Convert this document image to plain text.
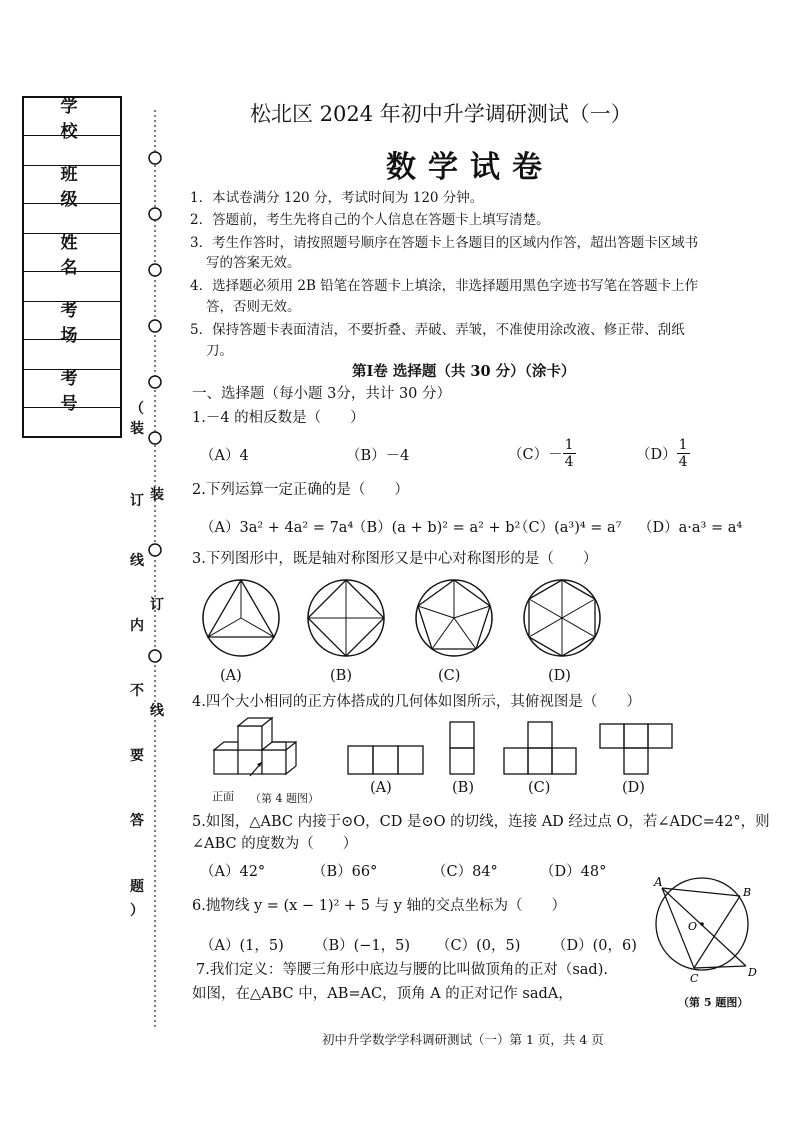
学 校
班 级
姓 名
考 场
考 号	（
装
订
线
内
不
要
答
题
）
装
订
线
松北区 2024 年初中升学调研测试（一）
数学试卷
1．本试卷满分 120 分，考试时间为 120 分钟。
2．答题前，考生先将自己的个人信息在答题卡上填写清楚。
3．考生作答时，请按照题号顺序在答题卡上各题目的区域内作答，超出答题卡区域书
写的答案无效。
4．选择题必须用 2B 铅笔在答题卡上填涂，非选择题用黑色字迹书写笔在答题卡上作
答，否则无效。
5．保持答题卡表面清洁，不要折叠、弄破、弄皱，不准使用涂改液、修正带、刮纸
刀。
第Ⅰ卷 选择题（共 30 分）（涂卡）
一、选择题（每小题 3分，共计 30 分）
1.－4 的相反数是（　　）
（A）4	（B）－4	$(C)- \frac{1}{4}$	$(D) \frac{1}{4}$
2.下列运算一定正确的是（　　）
（A）3a² + 4a² = 7a⁴
（B）(a + b)² = a² + b²
（C）(a³)⁴ = a⁷ （D）a·a³ = a⁴
3.下列图形中，既是轴对称图形又是中心对称图形的是（　　）
(A)	(B)	(C)	(D)
4.四个大小相同的正方体搭成的几何体如图所示，其俯视图是（　　）
正面 （第 4 题图）
(A)	(B)	(C)	(D)
5.如图，△ABC 内接于⊙O，CD 是⊙O 的切线，连接 AD 经过点 O，若∠ADC=42°，则
∠ABC 的度数为（　　）
（A）42°	（B）66°	（C）84°	（D）48°
A
B
O
C	D
（第 5 题图）
6.抛物线 y = (x − 1)² + 5 与 y 轴的交点坐标为（　　）
（A）(1，5) （B）(−1，5) （C）(0，5) （D）(0，6)
7.我们定义：等腰三角形中底边与腰的比叫做顶角的正对（sad).
如图，在△ABC 中，AB=AC，顶角 A 的正对记作 sadA，
初中升学数学学科调研测试（一）第 1 页，共 4 页
